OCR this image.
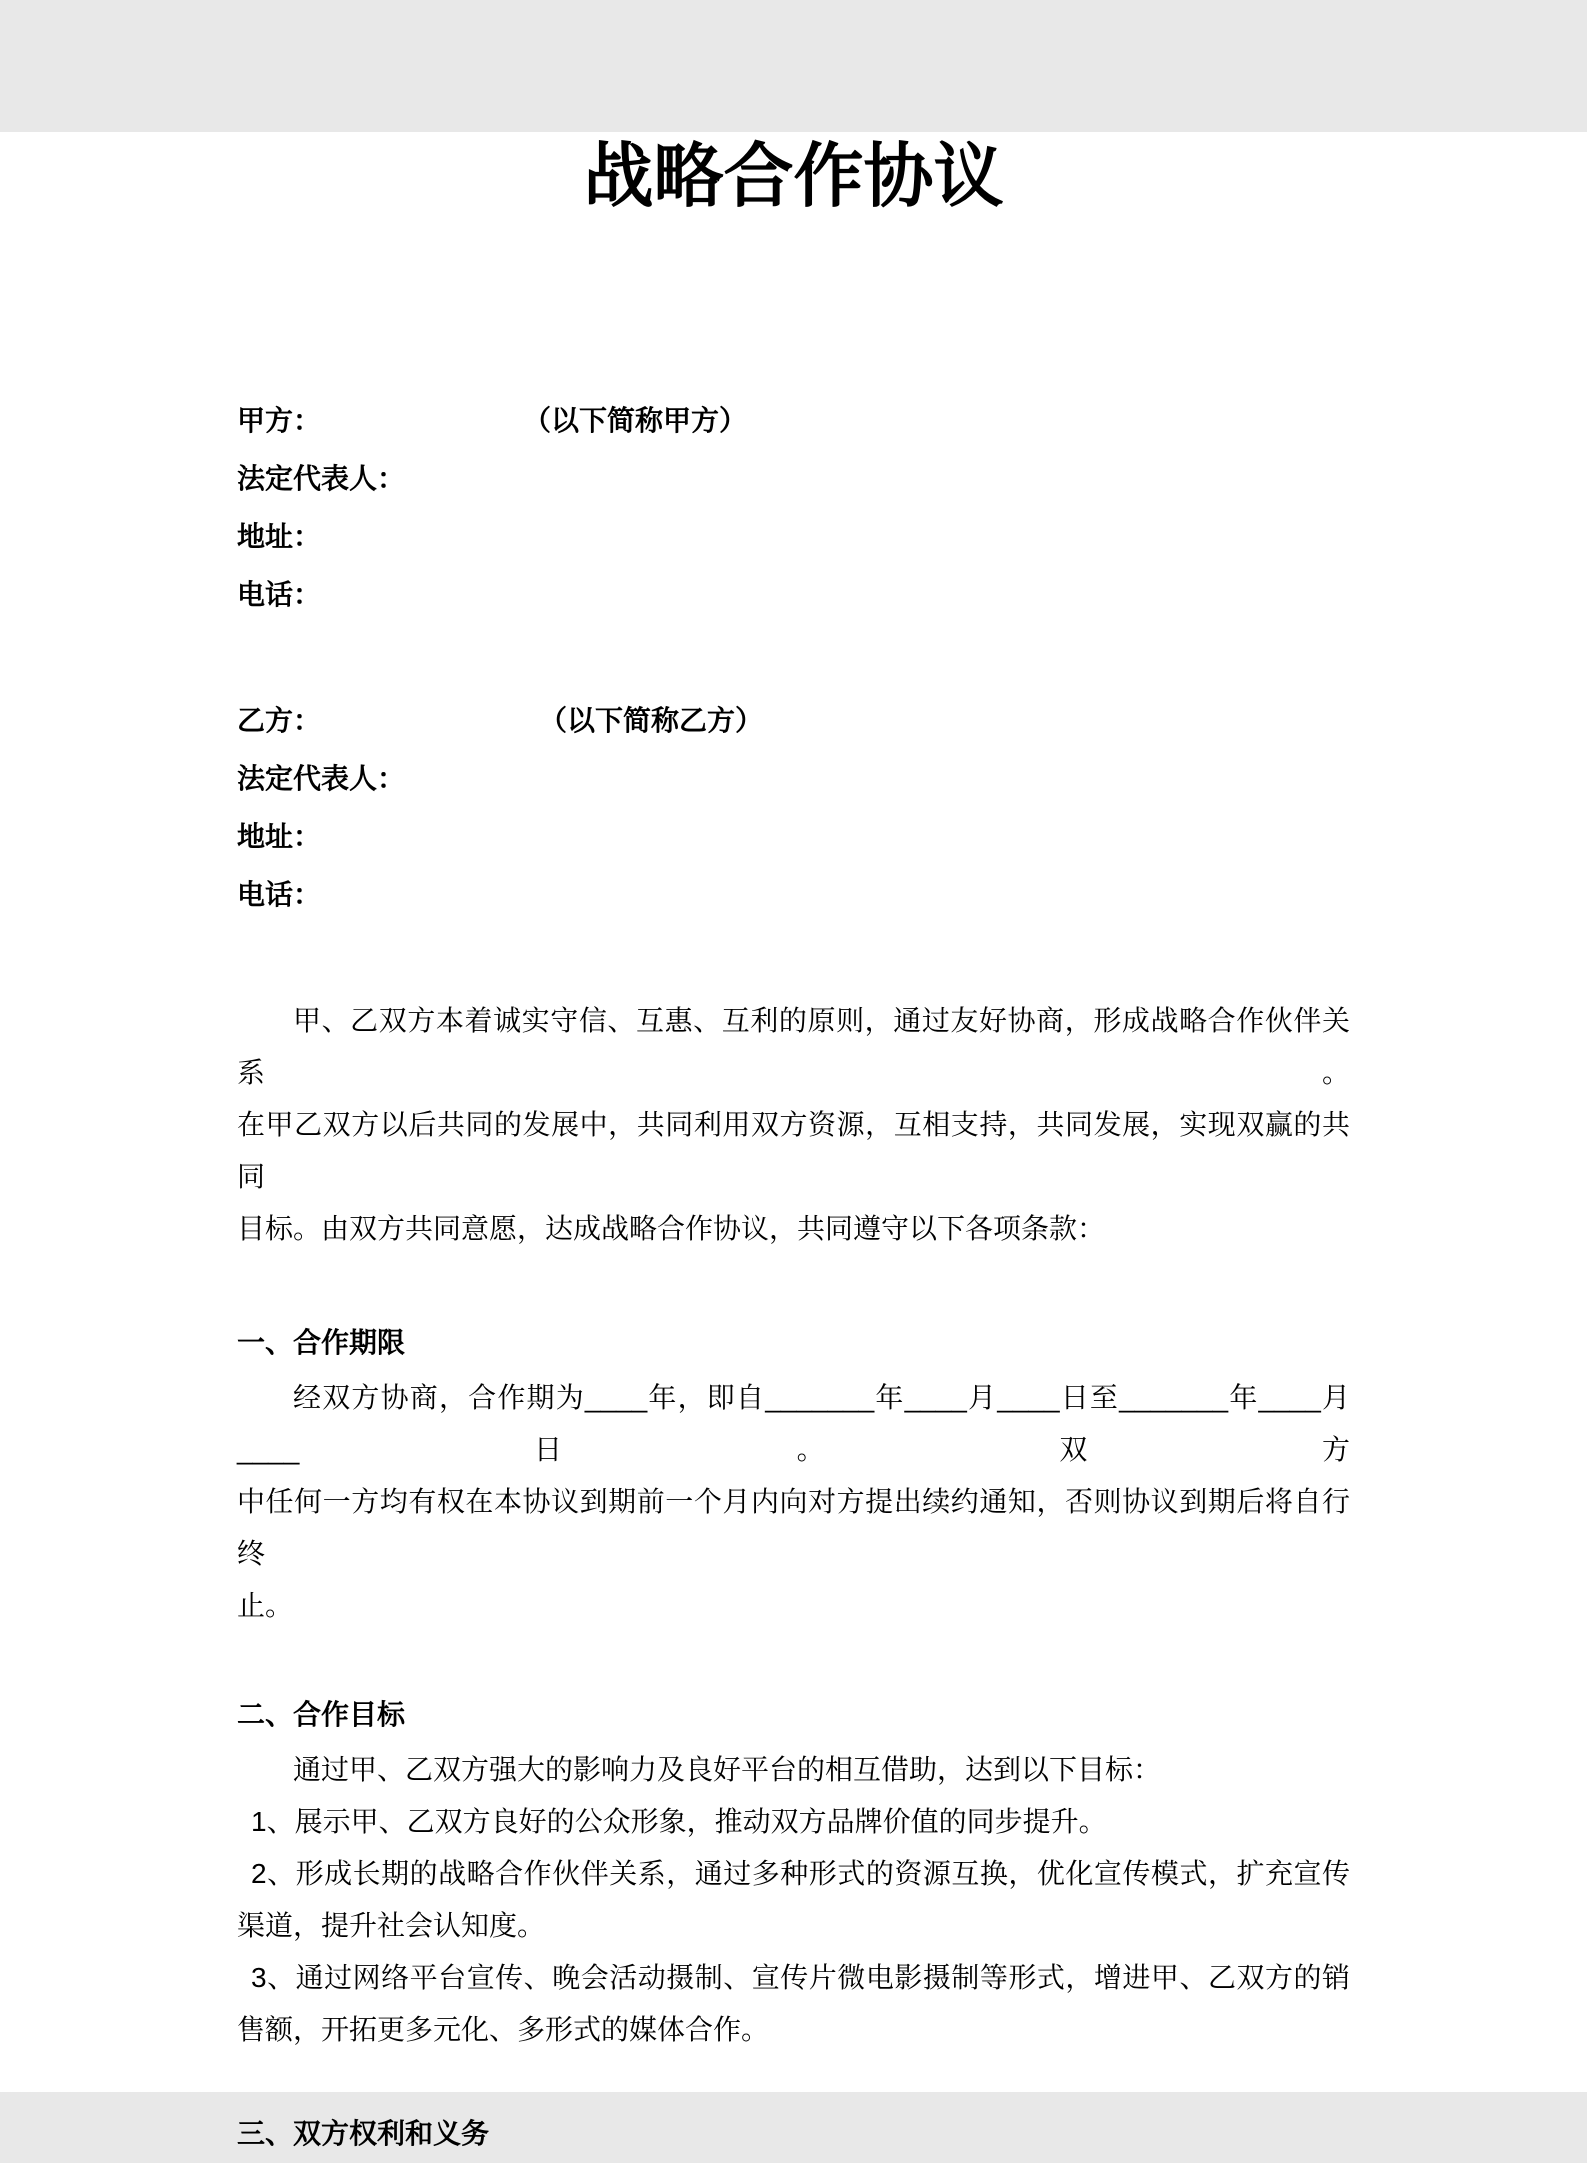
战略合作协议
甲方：	（以下简称甲方）
法定代表人：
地址：
电话：
乙方：	（以下简称乙方）
法定代表人：
地址：
电话：
甲、乙双方本着诚实守信、互惠、互利的原则，通过友好协商，形成战略合作伙伴关系。
在甲乙双方以后共同的发展中，共同利用双方资源，互相支持，共同发展，实现双赢的共同
目标。由双方共同意愿，达成战略合作协议，共同遵守以下各项条款：
一、合作期限
经双方协商，合作期为____年，即自_______年____月____日至_______年____月____日。双方
中任何一方均有权在本协议到期前一个月内向对方提出续约通知，否则协议到期后将自行终
止。
二、合作目标
通过甲、乙双方强大的影响力及良好平台的相互借助，达到以下目标：
1、展示甲、乙双方良好的公众形象，推动双方品牌价值的同步提升。
2、形成长期的战略合作伙伴关系，通过多种形式的资源互换，优化宣传模式，扩充宣传
渠道，提升社会认知度。
3、通过网络平台宣传、晚会活动摄制、宣传片微电影摄制等形式，增进甲、乙双方的销
售额，开拓更多元化、多形式的媒体合作。
三、双方权利和义务
